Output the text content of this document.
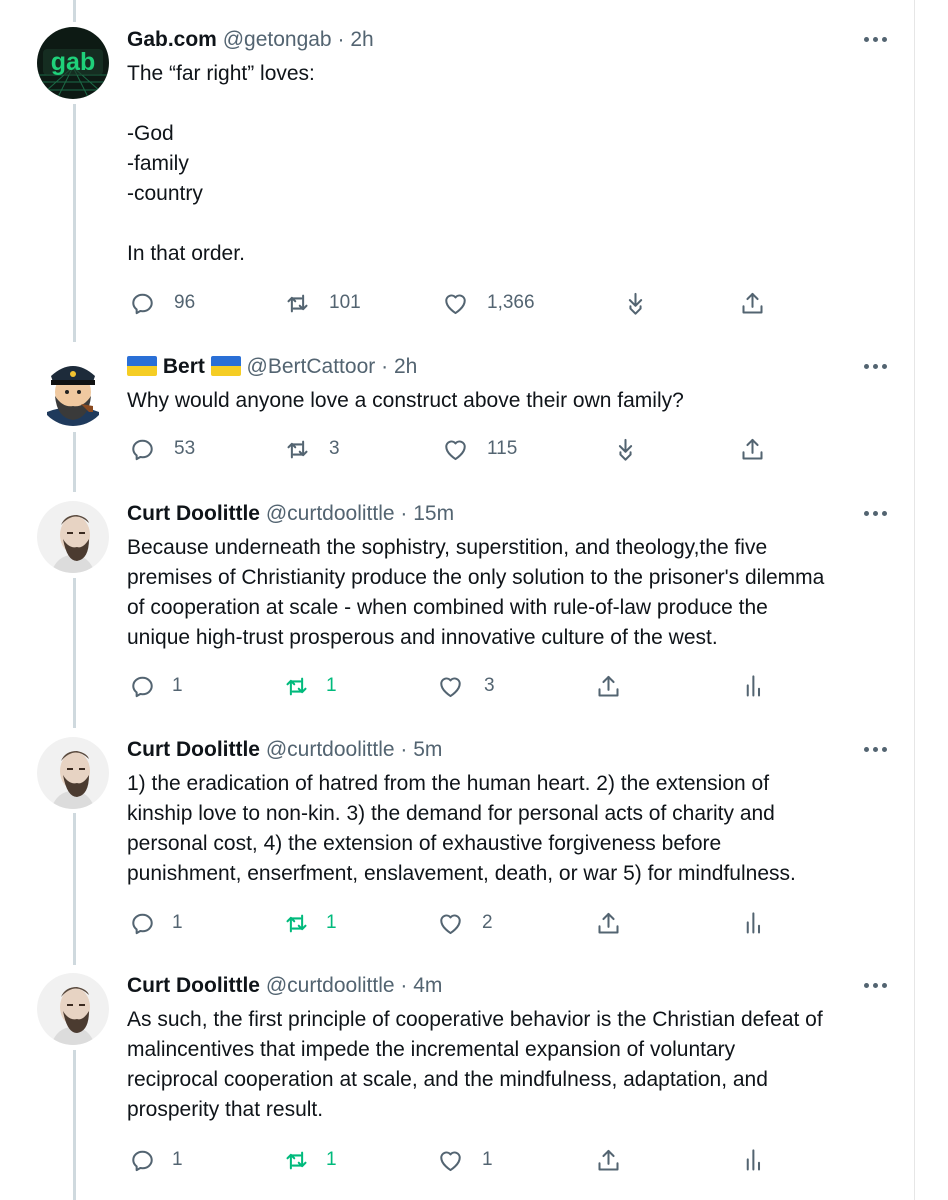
gab
Gab.com @getongab · 2h
The “far right” loves:

-God
-family
-country

In that order.
96	101	1,366
Bert @BertCattoor · 2h
Why would anyone love a construct above their own family?
53	3	115
Curt Doolittle @curtdoolittle · 15m
Because underneath the sophistry, superstition, and theology,the five
premises of Christianity produce the only solution to the prisoner's dilemma
of cooperation at scale - when combined with rule-of-law produce the
unique high-trust prosperous and innovative culture of the west.
1	1	3
Curt Doolittle @curtdoolittle · 5m
1) the eradication of hatred from the human heart. 2) the extension of
kinship love to non-kin. 3) the demand for personal acts of charity and
personal cost, 4) the extension of exhaustive forgiveness before
punishment, enserfment, enslavement, death, or war 5) for mindfulness.
1	1	2
Curt Doolittle @curtdoolittle · 4m
As such, the first principle of cooperative behavior is the Christian defeat of
malincentives that impede the incremental expansion of voluntary
reciprocal cooperation at scale, and the mindfulness, adaptation, and
prosperity that result.
1	1	1
